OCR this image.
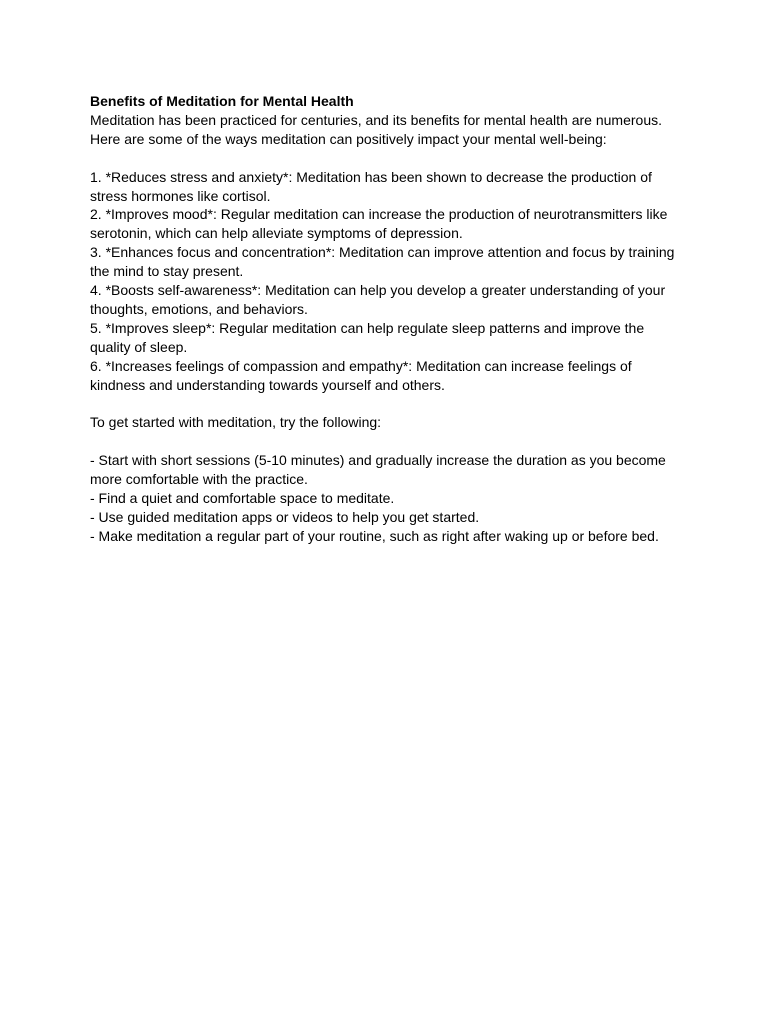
Benefits of Meditation for Mental Health

Meditation has been practiced for centuries, and its benefits for mental health are numerous.

Here are some of the ways meditation can positively impact your mental well-being:

1. *Reduces stress and anxiety*: Meditation has been shown to decrease the production of

stress hormones like cortisol.

2. *Improves mood*: Regular meditation can increase the production of neurotransmitters like

serotonin, which can help alleviate symptoms of depression.

3. *Enhances focus and concentration*: Meditation can improve attention and focus by training

the mind to stay present.

4. *Boosts self-awareness*: Meditation can help you develop a greater understanding of your

thoughts, emotions, and behaviors.

5. *Improves sleep*: Regular meditation can help regulate sleep patterns and improve the

quality of sleep.

6. *Increases feelings of compassion and empathy*: Meditation can increase feelings of

kindness and understanding towards yourself and others.

To get started with meditation, try the following:

- Start with short sessions (5-10 minutes) and gradually increase the duration as you become

more comfortable with the practice.

- Find a quiet and comfortable space to meditate.

- Use guided meditation apps or videos to help you get started.

- Make meditation a regular part of your routine, such as right after waking up or before bed.
